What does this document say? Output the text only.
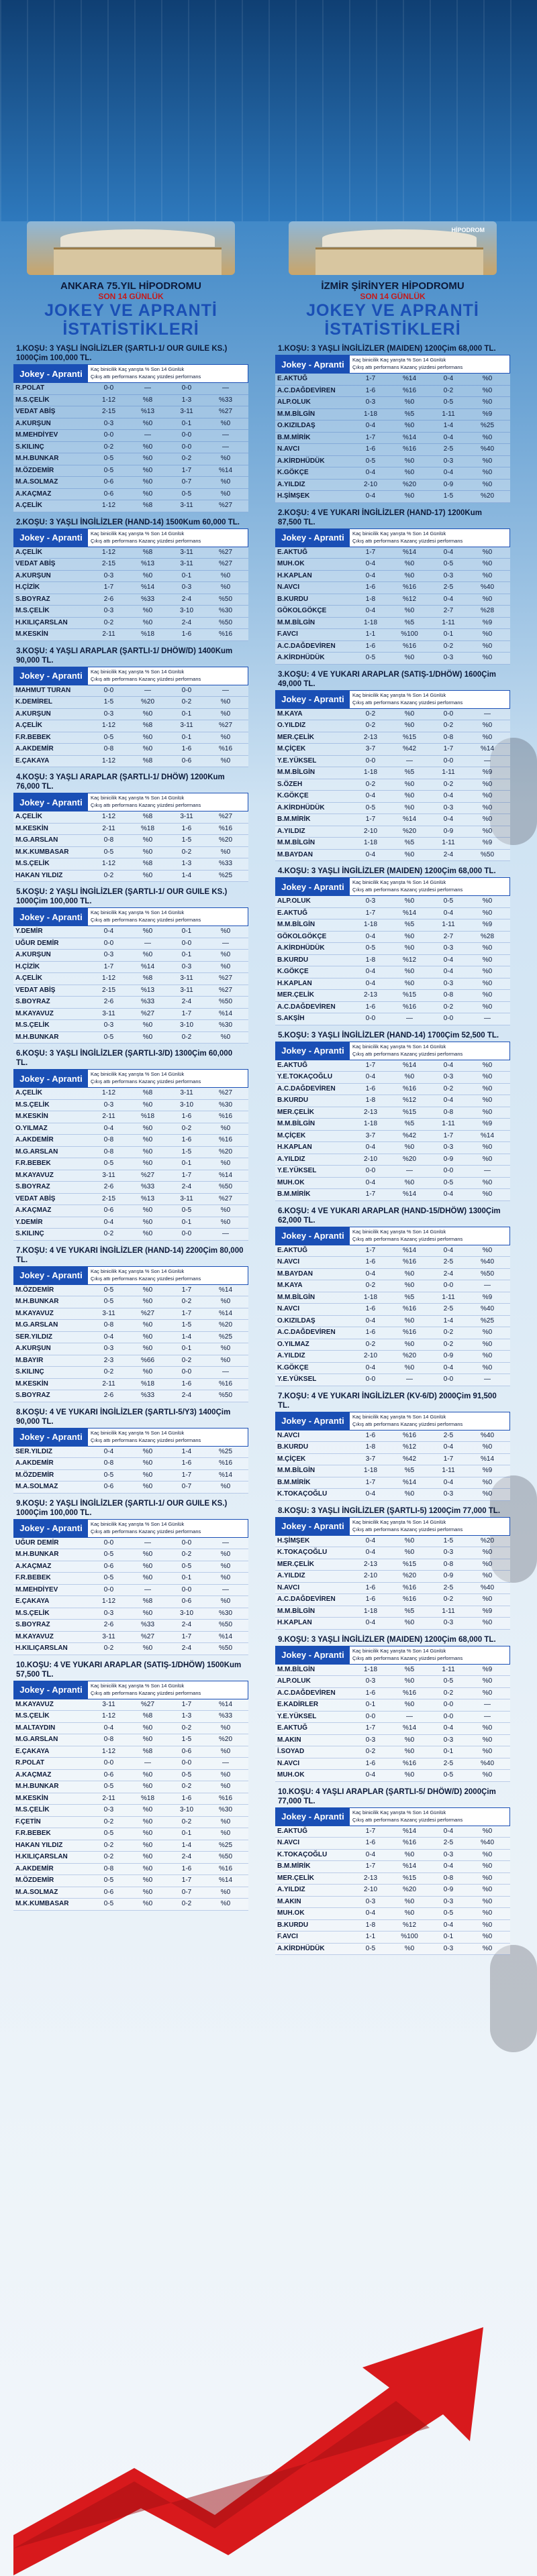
ANKARA 75.YIL HİPODROMU
SON 14 GÜNLÜK
JOKEY VE APRANTİ
İSTATİSTİKLERİ
1.KOŞU: 3 YAŞLI İNGİLİZLER (ŞARTLI-1/ OUR GUILE KS.) 1000Çim 100,000 TL.
Jokey - Apranti	Kaç binicilik Kaç yarışta % Son 14 Günlük
Çıkış attı performans Kazanç yüzdesi performans
R.POLAT	0-0	—	0-0	—
M.S.ÇELİK	1-12	%8	1-3	%33
VEDAT ABİŞ	2-15	%13	3-11	%27
A.KURŞUN	0-3	%0	0-1	%0
M.MEHDİYEV	0-0	—	0-0	—
S.KILINÇ	0-2	%0	0-0	—
M.H.BUNKAR	0-5	%0	0-2	%0
M.ÖZDEMİR	0-5	%0	1-7	%14
M.A.SOLMAZ	0-6	%0	0-7	%0
A.KAÇMAZ	0-6	%0	0-5	%0
A.ÇELİK	1-12	%8	3-11	%27
2.KOŞU: 3 YAŞLI İNGİLİZLER (HAND-14) 1500Kum 60,000 TL.
Jokey - Apranti	Kaç binicilik Kaç yarışta % Son 14 Günlük
Çıkış attı performans Kazanç yüzdesi performans
A.ÇELİK	1-12	%8	3-11	%27
VEDAT ABİŞ	2-15	%13	3-11	%27
A.KURŞUN	0-3	%0	0-1	%0
H.ÇİZİK	1-7	%14	0-3	%0
S.BOYRAZ	2-6	%33	2-4	%50
M.S.ÇELİK	0-3	%0	3-10	%30
H.KILIÇARSLAN	0-2	%0	2-4	%50
M.KESKİN	2-11	%18	1-6	%16
3.KOŞU: 4 YAŞLI ARAPLAR (ŞARTLI-1/ DHÖW/D) 1400Kum 90,000 TL.
Jokey - Apranti	Kaç binicilik Kaç yarışta % Son 14 Günlük
Çıkış attı performans Kazanç yüzdesi performans
MAHMUT TURAN	0-0	—	0-0	—
K.DEMİREL	1-5	%20	0-2	%0
A.KURŞUN	0-3	%0	0-1	%0
A.ÇELİK	1-12	%8	3-11	%27
F.R.BEBEK	0-5	%0	0-1	%0
A.AKDEMİR	0-8	%0	1-6	%16
E.ÇAKAYA	1-12	%8	0-6	%0
4.KOŞU: 3 YAŞLI ARAPLAR (ŞARTLI-1/ DHÖW) 1200Kum 76,000 TL.
Jokey - Apranti	Kaç binicilik Kaç yarışta % Son 14 Günlük
Çıkış attı performans Kazanç yüzdesi performans
A.ÇELİK	1-12	%8	3-11	%27
M.KESKİN	2-11	%18	1-6	%16
M.G.ARSLAN	0-8	%0	1-5	%20
M.K.KUMBASAR	0-5	%0	0-2	%0
M.S.ÇELİK	1-12	%8	1-3	%33
HAKAN YILDIZ	0-2	%0	1-4	%25
5.KOŞU: 2 YAŞLI İNGİLİZLER (ŞARTLI-1/ OUR GUILE KS.) 1000Çim 100,000 TL.
Jokey - Apranti	Kaç binicilik Kaç yarışta % Son 14 Günlük
Çıkış attı performans Kazanç yüzdesi performans
Y.DEMİR	0-4	%0	0-1	%0
UĞUR DEMİR	0-0	—	0-0	—
A.KURŞUN	0-3	%0	0-1	%0
H.ÇİZİK	1-7	%14	0-3	%0
A.ÇELİK	1-12	%8	3-11	%27
VEDAT ABİŞ	2-15	%13	3-11	%27
S.BOYRAZ	2-6	%33	2-4	%50
M.KAYAVUZ	3-11	%27	1-7	%14
M.S.ÇELİK	0-3	%0	3-10	%30
M.H.BUNKAR	0-5	%0	0-2	%0
6.KOŞU: 3 YAŞLI İNGİLİZLER (ŞARTLI-3/D) 1300Çim 60,000 TL.
Jokey - Apranti	Kaç binicilik Kaç yarışta % Son 14 Günlük
Çıkış attı performans Kazanç yüzdesi performans
A.ÇELİK	1-12	%8	3-11	%27
M.S.ÇELİK	0-3	%0	3-10	%30
M.KESKİN	2-11	%18	1-6	%16
O.YILMAZ	0-4	%0	0-2	%0
A.AKDEMİR	0-8	%0	1-6	%16
M.G.ARSLAN	0-8	%0	1-5	%20
F.R.BEBEK	0-5	%0	0-1	%0
M.KAYAVUZ	3-11	%27	1-7	%14
S.BOYRAZ	2-6	%33	2-4	%50
VEDAT ABİŞ	2-15	%13	3-11	%27
A.KAÇMAZ	0-6	%0	0-5	%0
Y.DEMİR	0-4	%0	0-1	%0
S.KILINÇ	0-2	%0	0-0	—
7.KOŞU: 4 VE YUKARI İNGİLİZLER (HAND-14) 2200Çim 80,000 TL.
Jokey - Apranti	Kaç binicilik Kaç yarışta % Son 14 Günlük
Çıkış attı performans Kazanç yüzdesi performans
M.ÖZDEMİR	0-5	%0	1-7	%14
M.H.BUNKAR	0-5	%0	0-2	%0
M.KAYAVUZ	3-11	%27	1-7	%14
M.G.ARSLAN	0-8	%0	1-5	%20
SER.YILDIZ	0-4	%0	1-4	%25
A.KURŞUN	0-3	%0	0-1	%0
M.BAYIR	2-3	%66	0-2	%0
S.KILINÇ	0-2	%0	0-0	—
M.KESKİN	2-11	%18	1-6	%16
S.BOYRAZ	2-6	%33	2-4	%50
8.KOŞU: 4 VE YUKARI İNGİLİZLER (ŞARTLI-5/Y3) 1400Çim 90,000 TL.
Jokey - Apranti	Kaç binicilik Kaç yarışta % Son 14 Günlük
Çıkış attı performans Kazanç yüzdesi performans
SER.YILDIZ	0-4	%0	1-4	%25
A.AKDEMİR	0-8	%0	1-6	%16
M.ÖZDEMİR	0-5	%0	1-7	%14
M.A.SOLMAZ	0-6	%0	0-7	%0
9.KOŞU: 2 YAŞLI İNGİLİZLER (ŞARTLI-1/ OUR GUILE KS.) 1000Çim 100,000 TL.
Jokey - Apranti	Kaç binicilik Kaç yarışta % Son 14 Günlük
Çıkış attı performans Kazanç yüzdesi performans
UĞUR DEMİR	0-0	—	0-0	—
M.H.BUNKAR	0-5	%0	0-2	%0
A.KAÇMAZ	0-6	%0	0-5	%0
F.R.BEBEK	0-5	%0	0-1	%0
M.MEHDİYEV	0-0	—	0-0	—
E.ÇAKAYA	1-12	%8	0-6	%0
M.S.ÇELİK	0-3	%0	3-10	%30
S.BOYRAZ	2-6	%33	2-4	%50
M.KAYAVUZ	3-11	%27	1-7	%14
H.KILIÇARSLAN	0-2	%0	2-4	%50
10.KOŞU: 4 VE YUKARI ARAPLAR (SATIŞ-1/DHÖW) 1500Kum 57,500 TL.
Jokey - Apranti	Kaç binicilik Kaç yarışta % Son 14 Günlük
Çıkış attı performans Kazanç yüzdesi performans
M.KAYAVUZ	3-11	%27	1-7	%14
M.S.ÇELİK	1-12	%8	1-3	%33
M.ALTAYDIN	0-4	%0	0-2	%0
M.G.ARSLAN	0-8	%0	1-5	%20
E.ÇAKAYA	1-12	%8	0-6	%0
R.POLAT	0-0	—	0-0	—
A.KAÇMAZ	0-6	%0	0-5	%0
M.H.BUNKAR	0-5	%0	0-2	%0
M.KESKİN	2-11	%18	1-6	%16
M.S.ÇELİK	0-3	%0	3-10	%30
F.ÇETİN	0-2	%0	0-2	%0
F.R.BEBEK	0-5	%0	0-1	%0
HAKAN YILDIZ	0-2	%0	1-4	%25
H.KILIÇARSLAN	0-2	%0	2-4	%50
A.AKDEMİR	0-8	%0	1-6	%16
M.ÖZDEMİR	0-5	%0	1-7	%14
M.A.SOLMAZ	0-6	%0	0-7	%0
M.K.KUMBASAR	0-5	%0	0-2	%0
HİPODROM
İZMİR ŞİRİNYER HİPODROMU
SON 14 GÜNLÜK
JOKEY VE APRANTİ
İSTATİSTİKLERİ
1.KOŞU: 3 YAŞLI İNGİLİZLER (MAIDEN) 1200Çim 68,000 TL.
Jokey - Apranti	Kaç binicilik Kaç yarışta % Son 14 Günlük
Çıkış attı performans Kazanç yüzdesi performans
E.AKTUĞ	1-7	%14	0-4	%0
A.C.DAĞDEVİREN	1-6	%16	0-2	%0
ALP.OLUK	0-3	%0	0-5	%0
M.M.BİLGİN	1-18	%5	1-11	%9
O.KIZILDAŞ	0-4	%0	1-4	%25
B.M.MİRİK	1-7	%14	0-4	%0
N.AVCI	1-6	%16	2-5	%40
A.KİRDHÜDÜK	0-5	%0	0-3	%0
K.GÖKÇE	0-4	%0	0-4	%0
A.YILDIZ	2-10	%20	0-9	%0
H.ŞİMŞEK	0-4	%0	1-5	%20
2.KOŞU: 4 VE YUKARI İNGİLİZLER (HAND-17) 1200Kum 87,500 TL.
Jokey - Apranti	Kaç binicilik Kaç yarışta % Son 14 Günlük
Çıkış attı performans Kazanç yüzdesi performans
E.AKTUĞ	1-7	%14	0-4	%0
MUH.OK	0-4	%0	0-5	%0
H.KAPLAN	0-4	%0	0-3	%0
N.AVCI	1-6	%16	2-5	%40
B.KURDU	1-8	%12	0-4	%0
GÖKOLGÖKÇE	0-4	%0	2-7	%28
M.M.BİLGİN	1-18	%5	1-11	%9
F.AVCI	1-1	%100	0-1	%0
A.C.DAĞDEVİREN	1-6	%16	0-2	%0
A.KİRDHÜDÜK	0-5	%0	0-3	%0
3.KOŞU: 4 VE YUKARI ARAPLAR (SATIŞ-1/DHÖW) 1600Çim 49,000 TL.
Jokey - Apranti	Kaç binicilik Kaç yarışta % Son 14 Günlük
Çıkış attı performans Kazanç yüzdesi performans
M.KAYA	0-2	%0	0-0	—
O.YILDIZ	0-2	%0	0-2	%0
MER.ÇELİK	2-13	%15	0-8	%0
M.ÇİÇEK	3-7	%42	1-7	%14
Y.E.YÜKSEL	0-0	—	0-0	—
M.M.BİLGİN	1-18	%5	1-11	%9
S.ÖZEH	0-2	%0	0-2	%0
K.GÖKÇE	0-4	%0	0-4	%0
A.KİRDHÜDÜK	0-5	%0	0-3	%0
B.M.MİRİK	1-7	%14	0-4	%0
A.YILDIZ	2-10	%20	0-9	%0
M.M.BİLGİN	1-18	%5	1-11	%9
M.BAYDAN	0-4	%0	2-4	%50
4.KOŞU: 3 YAŞLI İNGİLİZLER (MAIDEN) 1200Çim 68,000 TL.
Jokey - Apranti	Kaç binicilik Kaç yarışta % Son 14 Günlük
Çıkış attı performans Kazanç yüzdesi performans
ALP.OLUK	0-3	%0	0-5	%0
E.AKTUĞ	1-7	%14	0-4	%0
M.M.BİLGİN	1-18	%5	1-11	%9
GÖKOLGÖKÇE	0-4	%0	2-7	%28
A.KİRDHÜDÜK	0-5	%0	0-3	%0
B.KURDU	1-8	%12	0-4	%0
K.GÖKÇE	0-4	%0	0-4	%0
H.KAPLAN	0-4	%0	0-3	%0
MER.ÇELİK	2-13	%15	0-8	%0
A.C.DAĞDEVİREN	1-6	%16	0-2	%0
S.AKŞİH	0-0	—	0-0	—
5.KOŞU: 3 YAŞLI İNGİLİZLER (HAND-14) 1700Çim 52,500 TL.
Jokey - Apranti	Kaç binicilik Kaç yarışta % Son 14 Günlük
Çıkış attı performans Kazanç yüzdesi performans
E.AKTUĞ	1-7	%14	0-4	%0
Y.E.TOKAÇOĞLU	0-4	%0	0-3	%0
A.C.DAĞDEVİREN	1-6	%16	0-2	%0
B.KURDU	1-8	%12	0-4	%0
MER.ÇELİK	2-13	%15	0-8	%0
M.M.BİLGİN	1-18	%5	1-11	%9
M.ÇİÇEK	3-7	%42	1-7	%14
H.KAPLAN	0-4	%0	0-3	%0
A.YILDIZ	2-10	%20	0-9	%0
Y.E.YÜKSEL	0-0	—	0-0	—
MUH.OK	0-4	%0	0-5	%0
B.M.MİRİK	1-7	%14	0-4	%0
6.KOŞU: 4 VE YUKARI ARAPLAR (HAND-15/DHÖW) 1300Çim 62,000 TL.
Jokey - Apranti	Kaç binicilik Kaç yarışta % Son 14 Günlük
Çıkış attı performans Kazanç yüzdesi performans
E.AKTUĞ	1-7	%14	0-4	%0
N.AVCI	1-6	%16	2-5	%40
M.BAYDAN	0-4	%0	2-4	%50
M.KAYA	0-2	%0	0-0	—
M.M.BİLGİN	1-18	%5	1-11	%9
N.AVCI	1-6	%16	2-5	%40
O.KIZILDAŞ	0-4	%0	1-4	%25
A.C.DAĞDEVİREN	1-6	%16	0-2	%0
O.YILMAZ	0-2	%0	0-2	%0
A.YILDIZ	2-10	%20	0-9	%0
K.GÖKÇE	0-4	%0	0-4	%0
Y.E.YÜKSEL	0-0	—	0-0	—
7.KOŞU: 4 VE YUKARI İNGİLİZLER (KV-6/D) 2000Çim 91,500 TL.
Jokey - Apranti	Kaç binicilik Kaç yarışta % Son 14 Günlük
Çıkış attı performans Kazanç yüzdesi performans
N.AVCI	1-6	%16	2-5	%40
B.KURDU	1-8	%12	0-4	%0
M.ÇİÇEK	3-7	%42	1-7	%14
M.M.BİLGİN	1-18	%5	1-11	%9
B.M.MİRİK	1-7	%14	0-4	%0
K.TOKAÇOĞLU	0-4	%0	0-3	%0
8.KOŞU: 3 YAŞLI İNGİLİZLER (ŞARTLI-5) 1200Çim 77,000 TL.
Jokey - Apranti	Kaç binicilik Kaç yarışta % Son 14 Günlük
Çıkış attı performans Kazanç yüzdesi performans
H.ŞİMŞEK	0-4	%0	1-5	%20
K.TOKAÇOĞLU	0-4	%0	0-3	%0
MER.ÇELİK	2-13	%15	0-8	%0
A.YILDIZ	2-10	%20	0-9	%0
N.AVCI	1-6	%16	2-5	%40
A.C.DAĞDEVİREN	1-6	%16	0-2	%0
M.M.BİLGİN	1-18	%5	1-11	%9
H.KAPLAN	0-4	%0	0-3	%0
9.KOŞU: 3 YAŞLI İNGİLİZLER (MAIDEN) 1200Çim 68,000 TL.
Jokey - Apranti	Kaç binicilik Kaç yarışta % Son 14 Günlük
Çıkış attı performans Kazanç yüzdesi performans
M.M.BİLGİN	1-18	%5	1-11	%9
ALP.OLUK	0-3	%0	0-5	%0
A.C.DAĞDEVİREN	1-6	%16	0-2	%0
E.KADİRLER	0-1	%0	0-0	—
Y.E.YÜKSEL	0-0	—	0-0	—
E.AKTUĞ	1-7	%14	0-4	%0
M.AKIN	0-3	%0	0-3	%0
İ.SOYAD	0-2	%0	0-1	%0
N.AVCI	1-6	%16	2-5	%40
MUH.OK	0-4	%0	0-5	%0
10.KOŞU: 4 YAŞLI ARAPLAR (ŞARTLI-5/ DHÖW/D) 2000Çim 77,000 TL.
Jokey - Apranti	Kaç binicilik Kaç yarışta % Son 14 Günlük
Çıkış attı performans Kazanç yüzdesi performans
E.AKTUĞ	1-7	%14	0-4	%0
N.AVCI	1-6	%16	2-5	%40
K.TOKAÇOĞLU	0-4	%0	0-3	%0
B.M.MİRİK	1-7	%14	0-4	%0
MER.ÇELİK	2-13	%15	0-8	%0
A.YILDIZ	2-10	%20	0-9	%0
M.AKIN	0-3	%0	0-3	%0
MUH.OK	0-4	%0	0-5	%0
B.KURDU	1-8	%12	0-4	%0
F.AVCI	1-1	%100	0-1	%0
A.KİRDHÜDÜK	0-5	%0	0-3	%0
